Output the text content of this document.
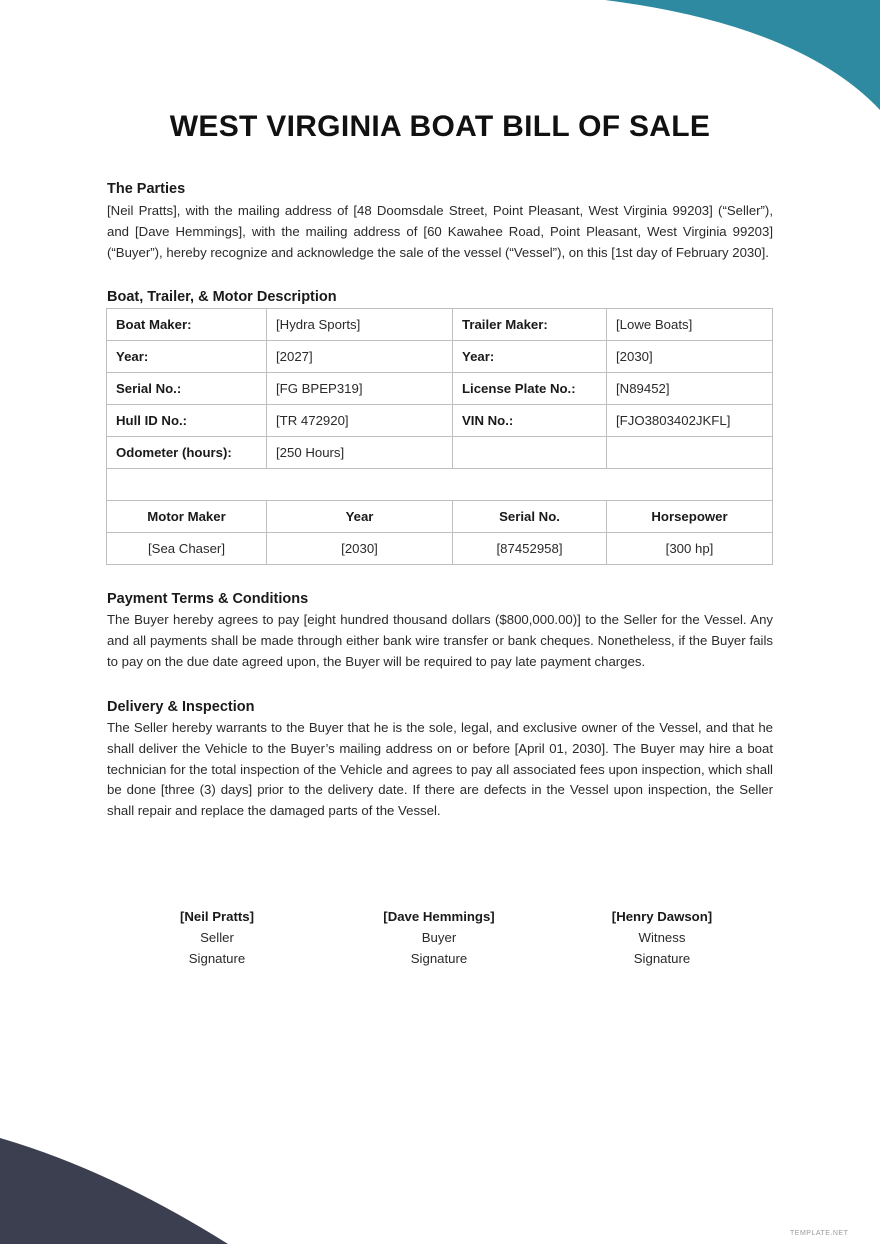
WEST VIRGINIA BOAT BILL OF SALE
The Parties

[Neil Pratts], with the mailing address of [48 Doomsdale Street, Point Pleasant, West Virginia 99203] (“Seller”), and [Dave Hemmings], with the mailing address of [60 Kawahee Road, Point Pleasant, West Virginia 99203] (“Buyer”), hereby recognize and acknowledge the sale of the vessel (“Vessel”), on this [1st day of February 2030].

Boat, Trailer, & Motor Description
Boat Maker:	[Hydra Sports]	Trailer Maker:	[Lowe Boats]
Year:	[2027]	Year:	[2030]
Serial No.:	[FG BPEP319]	License Plate No.:	[N89452]
Hull ID No.:	[TR 472920]	VIN No.:	[FJO3803402JKFL]
Odometer (hours):	[250 Hours]		

Motor Maker	Year	Serial No.	Horsepower
[Sea Chaser]	[2030]	[87452958]	[300 hp]
Payment Terms & Conditions

The Buyer hereby agrees to pay [eight hundred thousand dollars ($800,000.00)] to the Seller for the Vessel. Any and all payments shall be made through either bank wire transfer or bank cheques. Nonetheless, if the Buyer fails to pay on the due date agreed upon, the Buyer will be required to pay late payment charges.

Delivery & Inspection

The Seller hereby warrants to the Buyer that he is the sole, legal, and exclusive owner of the Vessel, and that he shall deliver the Vehicle to the Buyer’s mailing address on or before [April 01, 2030]. The Buyer may hire a boat technician for the total inspection of the Vehicle and agrees to pay all associated fees upon inspection, which shall be done [three (3) days] prior to the delivery date. If there are defects in the Vessel upon inspection, the Seller shall repair and replace the damaged parts of the Vessel.

[Neil Pratts]
Seller
Signature
[Dave Hemmings]
Buyer
Signature
[Henry Dawson]
Witness
Signature
TEMPLATE.NET
